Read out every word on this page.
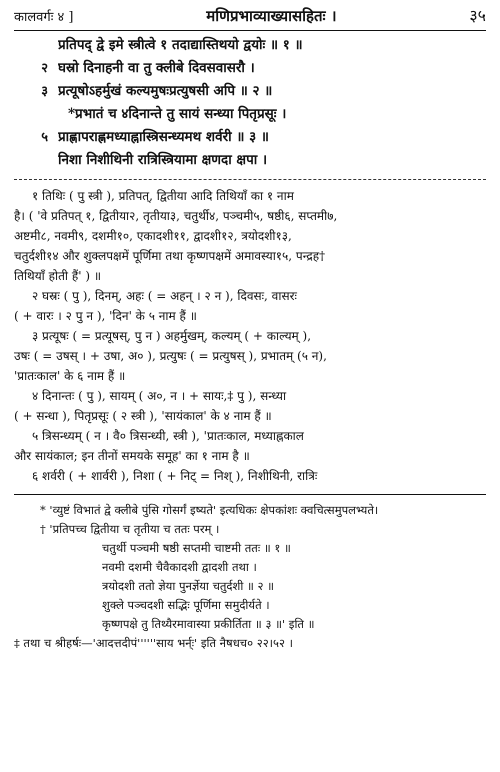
कालवर्गः ४ ]	मणिप्रभाव्याख्यासहितः ।	३५
प्रतिपद् द्वे इमे स्त्रीत्वे १ तदाद्यास्तिथयो द्वयोः ॥ १ ॥
२ घस्रो दिनाहनी वा तु क्लीबे दिवसवासरौ ।
३ प्रत्यूषोऽहर्मुखं कल्यमुषःप्रत्युषसी अपि ॥ २ ॥
*प्रभातं च ४दिनान्ते तु सायं सन्ध्या पितृप्रसूः ।
५ प्राह्णापराह्णमध्याह्नास्त्रिसन्ध्यमथ शर्वरी ॥ ३ ॥
निशा निशीथिनी रात्रिस्त्रियामा क्षणदा क्षपा ।
१ तिथिः ( पु स्त्री ), प्रतिपत्, द्वितीया आदि तिथियाँ का १ नाम
है। ( 'वे प्रतिपत् १, द्वितीया२, तृतीया३, चतुर्थी४, पञ्चमी५, षष्ठी६, सप्तमी७,
अष्टमी८, नवमी९, दशमी१०, एकादशी११, द्वादशी१२, त्रयोदशी१३,
चतुर्दशी१४ और शुक्लपक्षमें पूर्णिमा तथा कृष्णपक्षमें अमावस्या१५, पन्द्रह†
तिथियाँ होती हैं' ) ॥
२ घस्रः ( पु ), दिनम्, अहः ( = अहन् । २ न ), दिवसः, वासरः
( + वारः । २ पु न ), 'दिन' के ५ नाम हैं ॥
३ प्रत्यूषः ( = प्रत्यूषस्, पु न ) अहर्मुखम्, कल्यम् ( + काल्यम् ),
उषः ( = उषस् । + उषा, अ० ), प्रत्युषः ( = प्रत्युषस् ), प्रभातम् (५ न),
'प्रातःकाल' के ६ नाम हैं ॥
४ दिनान्तः ( पु ), सायम् ( अ०, न । + सायः,‡ पु ), सन्ध्या
( + सन्धा ), पितृप्रसूः ( २ स्त्री ), 'सायंकाल' के ४ नाम हैं ॥
५ त्रिसन्ध्यम् ( न । वै० त्रिसन्ध्यी, स्त्री ), 'प्रातःकाल, मध्याह्नकाल
और सायंकाल; इन तीनों समयके समूह' का १ नाम है ॥
६ शर्वरी ( + शार्वरी ), निशा ( + निट् = निश् ), निशीथिनी, रात्रिः
* 'व्युष्टं विभातं द्वे क्लीबे पुंसि गोसर्गं इष्यते' इत्यधिकः क्षेपकांशः क्वचित्समुपलभ्यते।
† 'प्रतिपच्च द्वितीया च तृतीया च ततः परम् ।
चतुर्थी पञ्चमी षष्ठी सप्तमी चाष्टमी ततः ॥ १ ॥
नवमी दशमी चैवैकादशी द्वादशी तथा ।
त्रयोदशी ततो ज्ञेया पुनर्ज्ञेया चतुर्दशी ॥ २ ॥
शुक्ले पञ्चदशी सद्भिः पूर्णिमा समुदीर्यते ।
कृष्णपक्षे तु तिथ्यैरमावास्या प्रकीर्तिता ॥ ३ ॥' इति ॥
‡ तथा च श्रीहर्षः—'आदत्तदीपं''''''साय भर्न्ः' इति नैषधच० २२।५२ ।
